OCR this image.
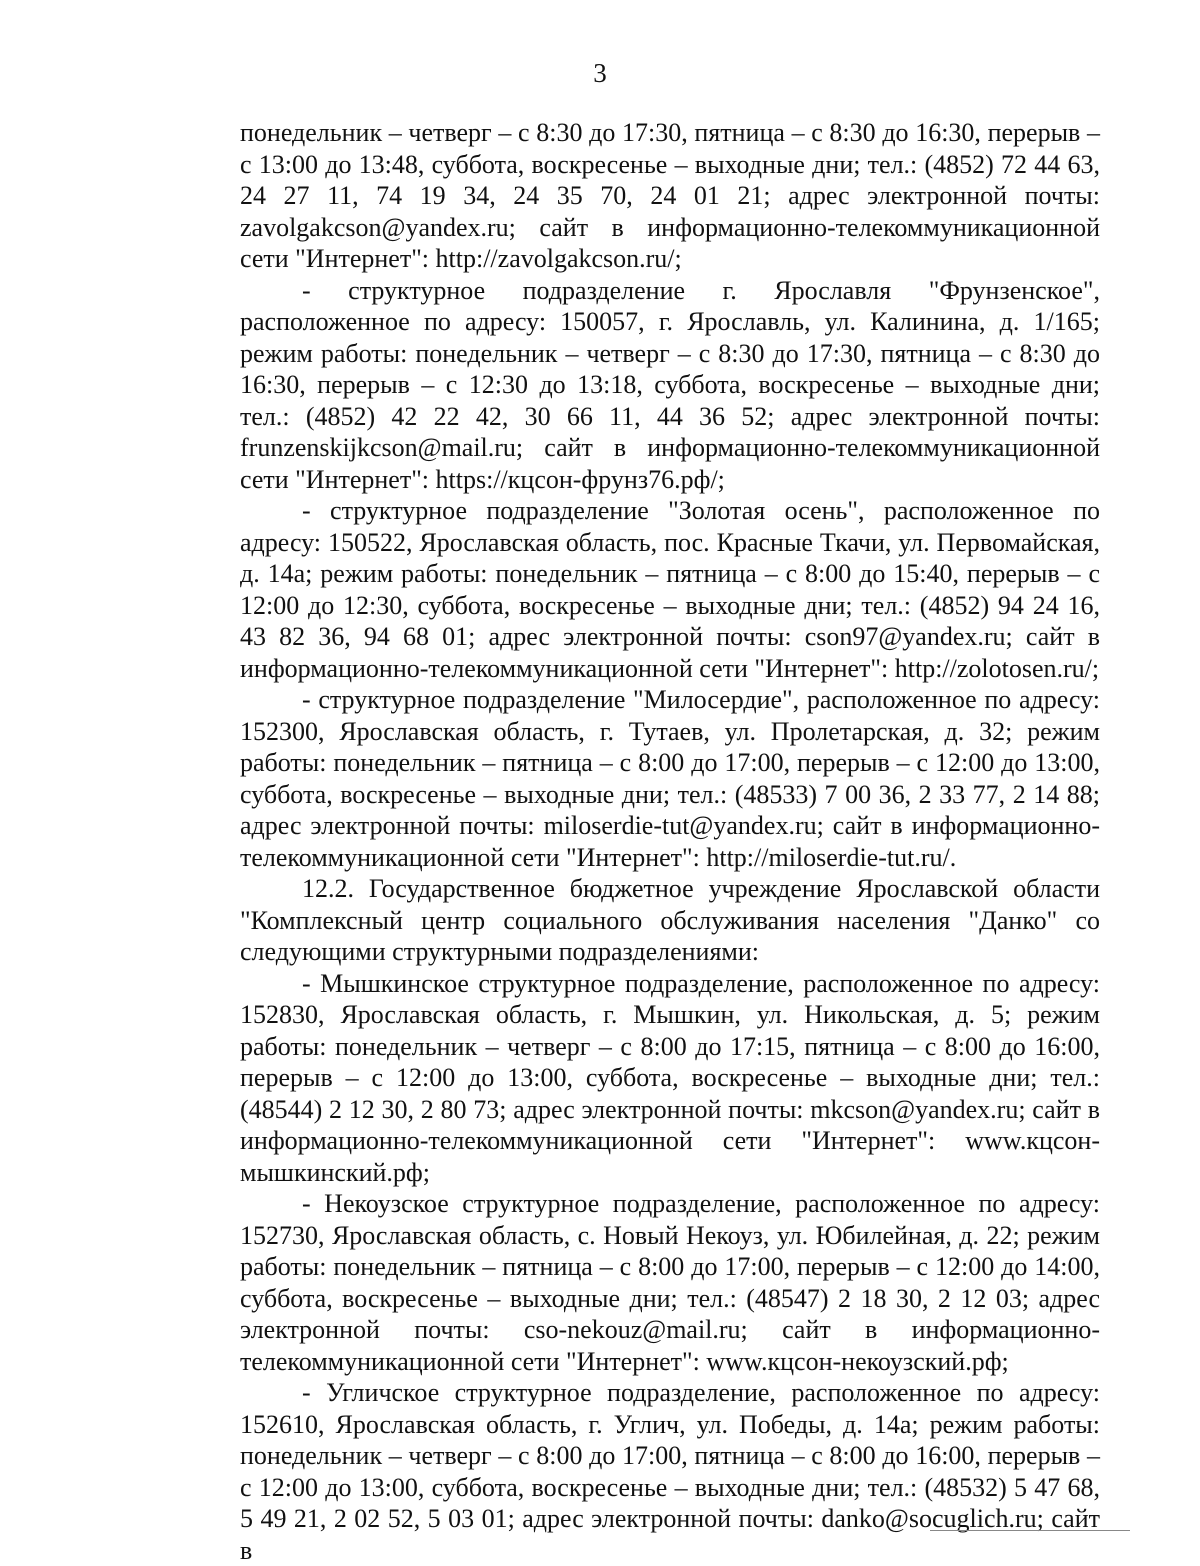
3

понедельник – четверг – с 8:30 до 17:30, пятница – с 8:30 до 16:30, перерыв – с 13:00 до 13:48, суббота, воскресенье – выходные дни; тел.: (4852) 72 44 63, 24 27 11, 74 19 34, 24 35 70, 24 01 21; адрес электронной почты: zavolgakcson@yandex.ru; сайт в информационно-телекоммуникационной сети "Интернет": http://zavolgakcson.ru/;

- структурное подразделение г. Ярославля "Фрунзенское", расположенное по адресу: 150057, г. Ярославль, ул. Калинина, д. 1/165; режим работы: понедельник – четверг – с 8:30 до 17:30, пятница – с 8:30 до 16:30, перерыв – с 12:30 до 13:18, суббота, воскресенье – выходные дни; тел.: (4852) 42 22 42, 30 66 11, 44 36 52; адрес электронной почты: frunzenskijkcson@mail.ru; сайт в информационно-телекоммуникационной сети "Интернет": https://кцсон-фрунз76.рф/;

- структурное подразделение "Золотая осень", расположенное по адресу: 150522, Ярославская область, пос. Красные Ткачи, ул. Первомайская, д. 14а; режим работы: понедельник – пятница – с 8:00 до 15:40, перерыв – с 12:00 до 12:30, суббота, воскресенье – выходные дни; тел.: (4852) 94 24 16, 43 82 36, 94 68 01; адрес электронной почты: cson97@yandex.ru; сайт в информационно-телекоммуникационной сети "Интернет": http://zolotosen.ru/;

- структурное подразделение "Милосердие", расположенное по адресу: 152300, Ярославская область, г. Тутаев, ул. Пролетарская, д. 32; режим работы: понедельник – пятница – с 8:00 до 17:00, перерыв – с 12:00 до 13:00, суббота, воскресенье – выходные дни; тел.: (48533) 7 00 36, 2 33 77, 2 14 88; адрес электронной почты: miloserdie-tut@yandex.ru; сайт в информационно-телекоммуникационной сети "Интернет": http://miloserdie-tut.ru/.

12.2. Государственное бюджетное учреждение Ярославской области "Комплексный центр социального обслуживания населения "Данко" со следующими структурными подразделениями:

- Мышкинское структурное подразделение, расположенное по адресу: 152830, Ярославская область, г. Мышкин, ул. Никольская, д. 5; режим работы: понедельник – четверг – с 8:00 до 17:15, пятница – с 8:00 до 16:00, перерыв – с 12:00 до 13:00, суббота, воскресенье – выходные дни; тел.: (48544) 2 12 30, 2 80 73; адрес электронной почты: mkcson@yandex.ru; сайт в информационно-телекоммуникационной сети "Интернет": www.кцсон-мышкинский.рф;

- Некоузское структурное подразделение, расположенное по адресу: 152730, Ярославская область, с. Новый Некоуз, ул. Юбилейная, д. 22; режим работы: понедельник – пятница – с 8:00 до 17:00, перерыв – с 12:00 до 14:00, суббота, воскресенье – выходные дни; тел.: (48547) 2 18 30, 2 12 03; адрес электронной почты: cso-nekouz@mail.ru; сайт в информационно-телекоммуникационной сети "Интернет": www.кцсон-некоузский.рф;

- Угличское структурное подразделение, расположенное по адресу: 152610, Ярославская область, г. Углич, ул. Победы, д. 14а; режим работы: понедельник – четверг – с 8:00 до 17:00, пятница – с 8:00 до 16:00, перерыв – с 12:00 до 13:00, суббота, воскресенье – выходные дни; тел.: (48532) 5 47 68, 5 49 21, 2 02 52, 5 03 01; адрес электронной почты: danko@socuglich.ru; сайт в
